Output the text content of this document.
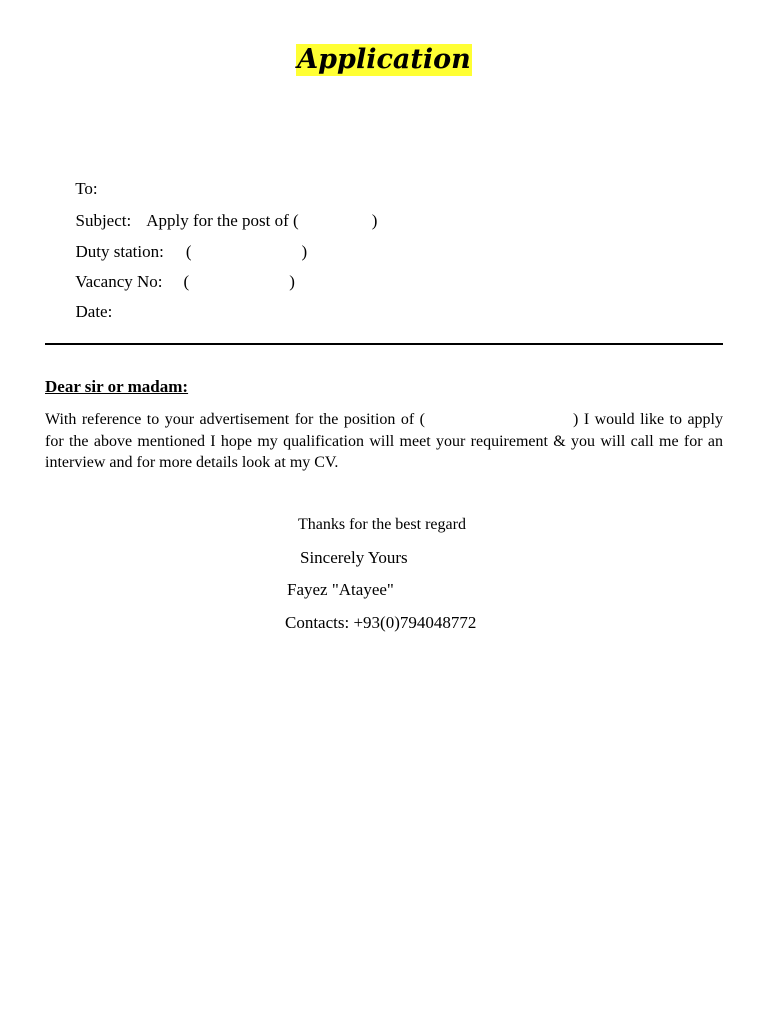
Application

To:

Subject: Apply for the post of (	)

Duty station: (	)

Vacancy No: (	)

Date:

Dear sir or madam:
With reference to your advertisement for the position of (	) I would like to apply for the above mentioned I hope my qualification will meet your requirement & you will call me for an interview and for more details look at my CV.
Thanks for the best regard
Sincerely Yours
Fayez "Atayee"
Contacts: +93(0)794048772
